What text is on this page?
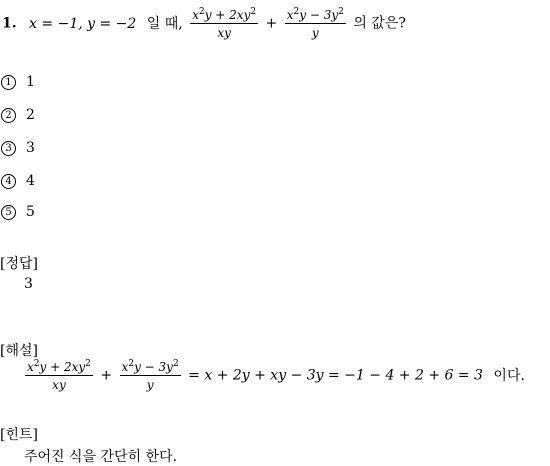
1. x = −1, y = −2 일 때, $\frac{x^2y + 2xy^2}{xy} + \frac{x^2y - 3y^2}{y}$ 의 값은?
1 1
2 2
3 3
4 4
5 5
[정답]
3
[해설]
$\frac{x^2y + 2xy^2}{xy} + \frac{x^2y - 3y^2}{y} = x + 2y$ + xy − 3y = −1 − 4 + 2 + 6 = 3 이다.
[힌트]
주어진 식을 간단히 한다.
